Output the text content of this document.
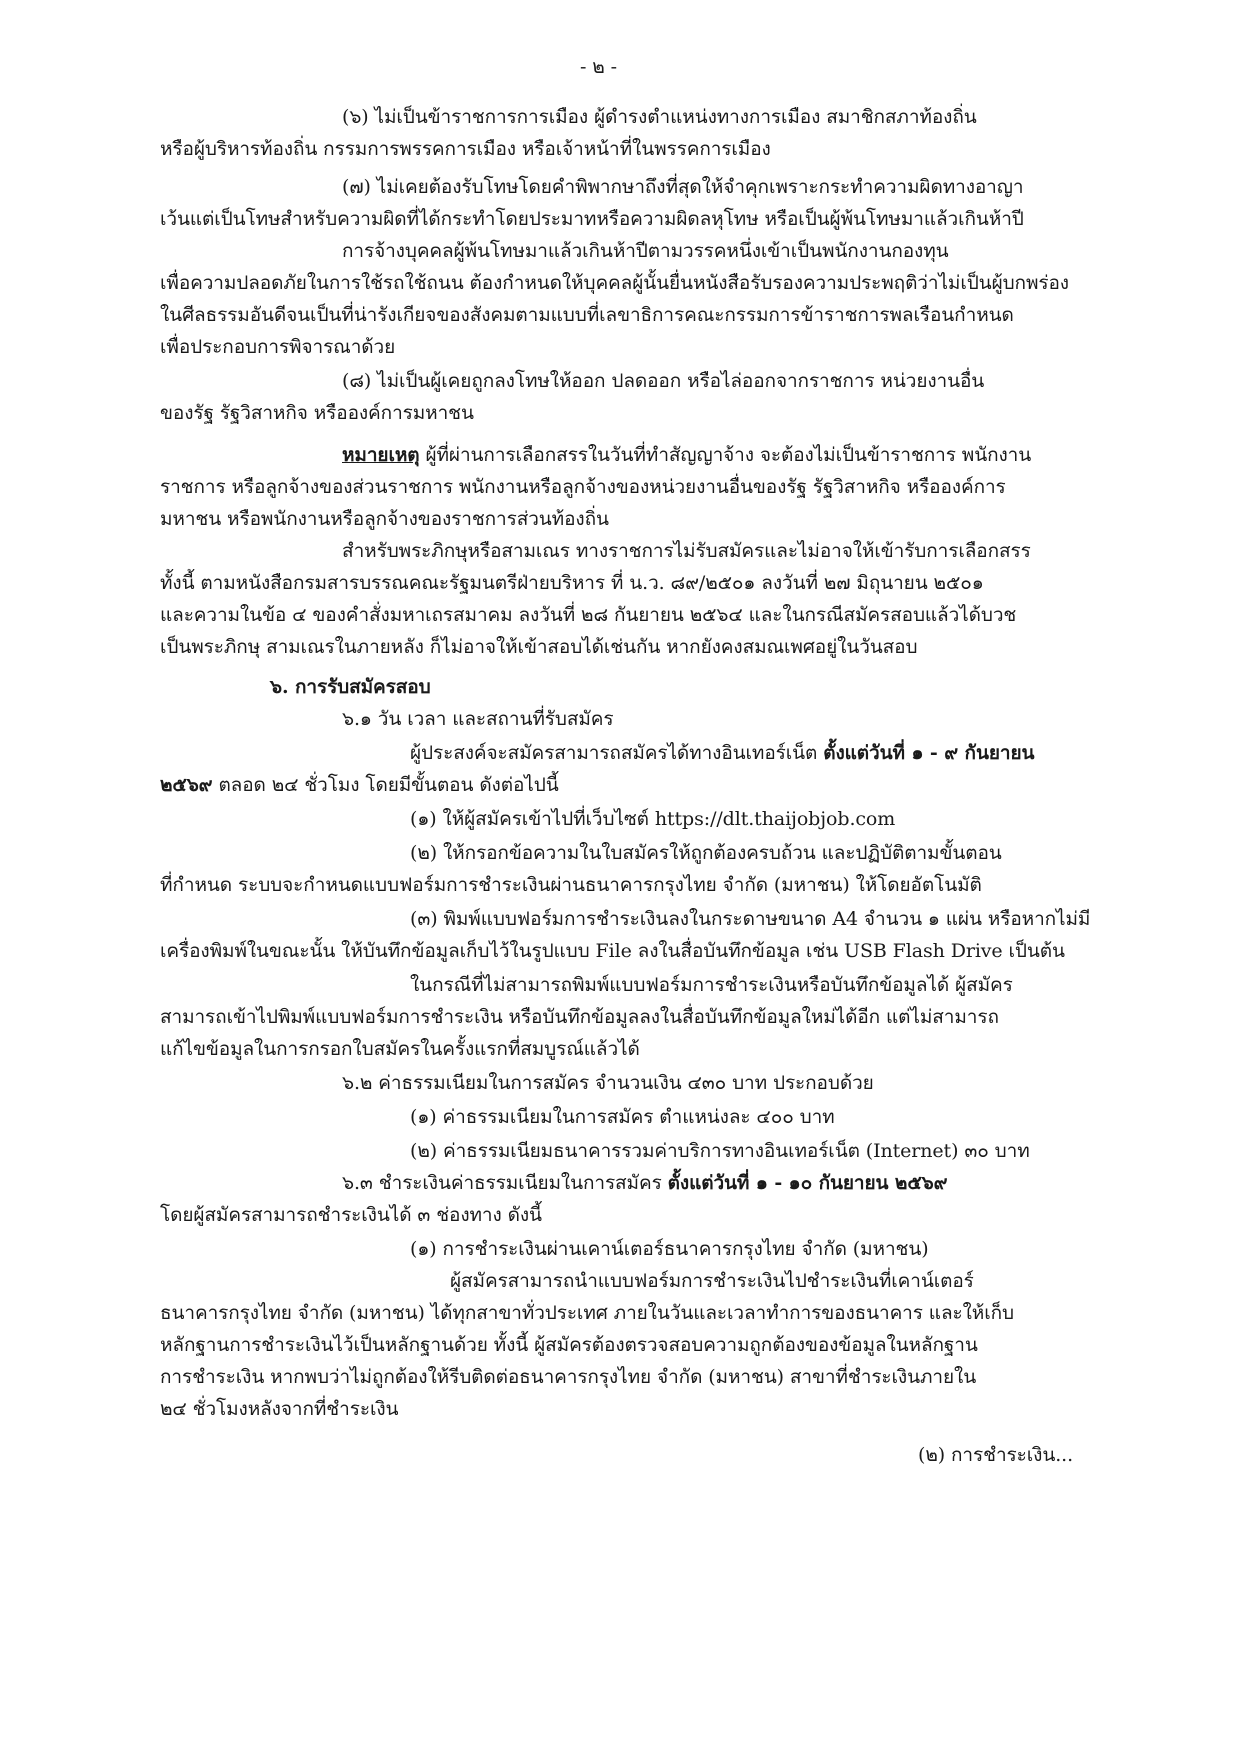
- ๒ -
(๖) ไม่เป็นข้าราชการการเมือง ผู้ดำรงตำแหน่งทางการเมือง สมาชิกสภาท้องถิ่น
หรือผู้บริหารท้องถิ่น กรรมการพรรคการเมือง หรือเจ้าหน้าที่ในพรรคการเมือง
(๗) ไม่เคยต้องรับโทษโดยคำพิพากษาถึงที่สุดให้จำคุกเพราะกระทำความผิดทางอาญา
เว้นแต่เป็นโทษสำหรับความผิดที่ได้กระทำโดยประมาทหรือความผิดลหุโทษ หรือเป็นผู้พ้นโทษมาแล้วเกินห้าปี
การจ้างบุคคลผู้พ้นโทษมาแล้วเกินห้าปีตามวรรคหนึ่งเข้าเป็นพนักงานกองทุน
เพื่อความปลอดภัยในการใช้รถใช้ถนน ต้องกำหนดให้บุคคลผู้นั้นยื่นหนังสือรับรองความประพฤติว่าไม่เป็นผู้บกพร่อง
ในศีลธรรมอันดีจนเป็นที่น่ารังเกียจของสังคมตามแบบที่เลขาธิการคณะกรรมการข้าราชการพลเรือนกำหนด
เพื่อประกอบการพิจารณาด้วย
(๘) ไม่เป็นผู้เคยถูกลงโทษให้ออก ปลดออก หรือไล่ออกจากราชการ หน่วยงานอื่น
ของรัฐ รัฐวิสาหกิจ หรือองค์การมหาชน
หมายเหตุ ผู้ที่ผ่านการเลือกสรรในวันที่ทำสัญญาจ้าง จะต้องไม่เป็นข้าราชการ พนักงาน
ราชการ หรือลูกจ้างของส่วนราชการ พนักงานหรือลูกจ้างของหน่วยงานอื่นของรัฐ รัฐวิสาหกิจ หรือองค์การ
มหาชน หรือพนักงานหรือลูกจ้างของราชการส่วนท้องถิ่น
สำหรับพระภิกษุหรือสามเณร ทางราชการไม่รับสมัครและไม่อาจให้เข้ารับการเลือกสรร
ทั้งนี้ ตามหนังสือกรมสารบรรณคณะรัฐมนตรีฝ่ายบริหาร ที่ น.ว. ๘๙/๒๕๐๑ ลงวันที่ ๒๗ มิถุนายน ๒๕๐๑
และความในข้อ ๔ ของคำสั่งมหาเถรสมาคม ลงวันที่ ๒๘ กันยายน ๒๕๖๔ และในกรณีสมัครสอบแล้วได้บวช
เป็นพระภิกษุ สามเณรในภายหลัง ก็ไม่อาจให้เข้าสอบได้เช่นกัน หากยังคงสมณเพศอยู่ในวันสอบ
๖. การรับสมัครสอบ
๖.๑ วัน เวลา และสถานที่รับสมัคร
ผู้ประสงค์จะสมัครสามารถสมัครได้ทางอินเทอร์เน็ต ตั้งแต่วันที่ ๑ - ๙ กันยายน
๒๕๖๙ ตลอด ๒๔ ชั่วโมง โดยมีขั้นตอน ดังต่อไปนี้
(๑) ให้ผู้สมัครเข้าไปที่เว็บไซต์ https://dlt.thaijobjob.com
(๒) ให้กรอกข้อความในใบสมัครให้ถูกต้องครบถ้วน และปฏิบัติตามขั้นตอน
ที่กำหนด ระบบจะกำหนดแบบฟอร์มการชำระเงินผ่านธนาคารกรุงไทย จำกัด (มหาชน) ให้โดยอัตโนมัติ
(๓) พิมพ์แบบฟอร์มการชำระเงินลงในกระดาษขนาด A4 จำนวน ๑ แผ่น หรือหากไม่มี
เครื่องพิมพ์ในขณะนั้น ให้บันทึกข้อมูลเก็บไว้ในรูปแบบ File ลงในสื่อบันทึกข้อมูล เช่น USB Flash Drive เป็นต้น
ในกรณีที่ไม่สามารถพิมพ์แบบฟอร์มการชำระเงินหรือบันทึกข้อมูลได้ ผู้สมัคร
สามารถเข้าไปพิมพ์แบบฟอร์มการชำระเงิน หรือบันทึกข้อมูลลงในสื่อบันทึกข้อมูลใหม่ได้อีก แต่ไม่สามารถ
แก้ไขข้อมูลในการกรอกใบสมัครในครั้งแรกที่สมบูรณ์แล้วได้
๖.๒ ค่าธรรมเนียมในการสมัคร จำนวนเงิน ๔๓๐ บาท ประกอบด้วย
(๑) ค่าธรรมเนียมในการสมัคร ตำแหน่งละ ๔๐๐ บาท
(๒) ค่าธรรมเนียมธนาคารรวมค่าบริการทางอินเทอร์เน็ต (Internet) ๓๐ บาท
๖.๓ ชำระเงินค่าธรรมเนียมในการสมัคร ตั้งแต่วันที่ ๑ - ๑๐ กันยายน ๒๕๖๙
โดยผู้สมัครสามารถชำระเงินได้ ๓ ช่องทาง ดังนี้
(๑) การชำระเงินผ่านเคาน์เตอร์ธนาคารกรุงไทย จำกัด (มหาชน)
ผู้สมัครสามารถนำแบบฟอร์มการชำระเงินไปชำระเงินที่เคาน์เตอร์
ธนาคารกรุงไทย จำกัด (มหาชน) ได้ทุกสาขาทั่วประเทศ ภายในวันและเวลาทำการของธนาคาร และให้เก็บ
หลักฐานการชำระเงินไว้เป็นหลักฐานด้วย ทั้งนี้ ผู้สมัครต้องตรวจสอบความถูกต้องของข้อมูลในหลักฐาน
การชำระเงิน หากพบว่าไม่ถูกต้องให้รีบติดต่อธนาคารกรุงไทย จำกัด (มหาชน) สาขาที่ชำระเงินภายใน
๒๔ ชั่วโมงหลังจากที่ชำระเงิน
(๒) การชำระเงิน...
